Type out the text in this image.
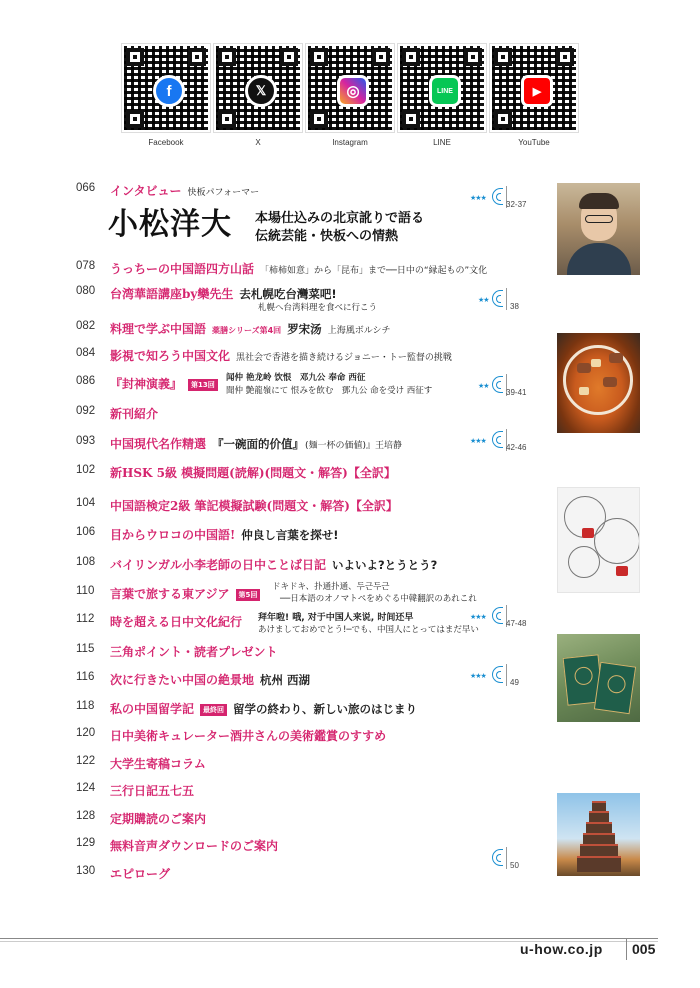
f
Facebook
𝕏
X
◎
Instagram
LINE
LINE
▶
YouTube
066 インタビュー 快板パフォーマー
小松洋大 本場仕込みの北京訛りで語る
伝統芸能・快板への情熱
★★★
32-37
078 うっちーの中国語四方山話 「柿柿如意」から「昆布」まで──日中の“縁起もの”文化
080 台湾華語講座by欒先生 去札幌吃台灣菜吧!
札幌へ台湾料理を食べに行こう
★★
38
082 料理で学ぶ中国語 薬膳シリーズ第4回 罗宋汤 上海風ボルシチ
084 影視で知ろう中国文化 黒社会で香港を描き続けるジョニー・トー監督の挑戦
086 『封神演義』 第13回
闻仲 艳龙岭 饮恨　邓九公 奉命 西征
聞仲 艶龍嶺にて 恨みを飲む　鄧九公 命を受け 西征す	★★
39-41
092 新刊紹介
093 中国現代名作精選 『一碗面的价值』(麺一杯の価値)』王培静	★★★
42-46
102 新HSK 5級 模擬問題(読解)(問題文・解答)【全訳】
104 中国語検定2級 筆記模擬試験(問題文・解答)【全訳】
106 目からウロコの中国語! 仲良し言葉を探せ!
108 バイリンガル小李老師の日中ことば日記 いよいよ?とうとう?
110 言葉で旅する東アジア 第5回
ドキドキ、扑通扑通、두근두근
──日本語のオノマトペをめぐる中韓翻訳のあれこれ
112 時を超える日中文化紀行 拜年啦! 哦, 对于中国人来说, 时间还早
あけましておめでとう!─でも、中国人にとってはまだ早い
★★★
47-48
115 三角ポイント・読者プレゼント
116 次に行きたい中国の絶景地 杭州 西湖	★★★
49
118 私の中国留学記 最終回 留学の終わり、新しい旅のはじまり
120 日中美術キュレーター酒井さんの美術鑑賞のすすめ
122 大学生寄稿コラム
124 三行日記五七五
128 定期購読のご案内
129 無料音声ダウンロードのご案内
50
130 エピローグ
u-how.co.jp 005
